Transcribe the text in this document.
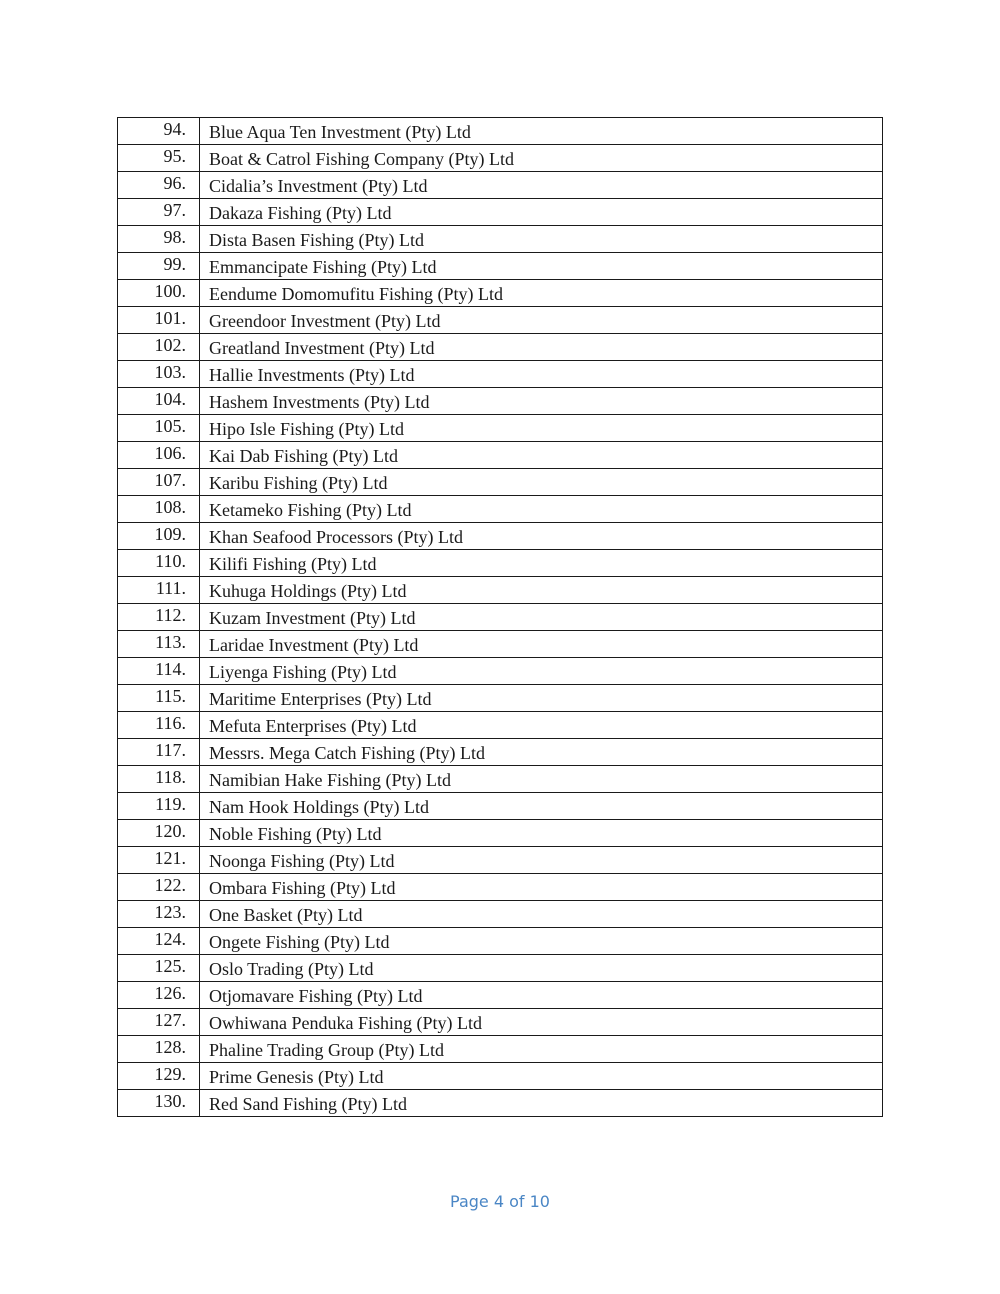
94.	Blue Aqua Ten Investment (Pty) Ltd
95.	Boat & Catrol Fishing Company (Pty) Ltd
96.	Cidalia’s Investment (Pty) Ltd
97.	Dakaza Fishing (Pty) Ltd
98.	Dista Basen Fishing (Pty) Ltd
99.	Emmancipate Fishing (Pty) Ltd
100.	Eendume Domomufitu Fishing (Pty) Ltd
101.	Greendoor Investment (Pty) Ltd
102.	Greatland Investment (Pty) Ltd
103.	Hallie Investments (Pty) Ltd
104.	Hashem Investments (Pty) Ltd
105.	Hipo Isle Fishing (Pty) Ltd
106.	Kai Dab Fishing (Pty) Ltd
107.	Karibu Fishing (Pty) Ltd
108.	Ketameko Fishing (Pty) Ltd
109.	Khan Seafood Processors (Pty) Ltd
110.	Kilifi Fishing (Pty) Ltd
111.	Kuhuga Holdings (Pty) Ltd
112.	Kuzam Investment (Pty) Ltd
113.	Laridae Investment (Pty) Ltd
114.	Liyenga Fishing (Pty) Ltd
115.	Maritime Enterprises (Pty) Ltd
116.	Mefuta Enterprises (Pty) Ltd
117.	Messrs. Mega Catch Fishing (Pty) Ltd
118.	Namibian Hake Fishing (Pty) Ltd
119.	Nam Hook Holdings (Pty) Ltd
120.	Noble Fishing (Pty) Ltd
121.	Noonga Fishing (Pty) Ltd
122.	Ombara Fishing (Pty) Ltd
123.	One Basket (Pty) Ltd
124.	Ongete Fishing (Pty) Ltd
125.	Oslo Trading (Pty) Ltd
126.	Otjomavare Fishing (Pty) Ltd
127.	Owhiwana Penduka Fishing (Pty) Ltd
128.	Phaline Trading Group (Pty) Ltd
129.	Prime Genesis (Pty) Ltd
130.	Red Sand Fishing (Pty) Ltd
Page 4 of 10
